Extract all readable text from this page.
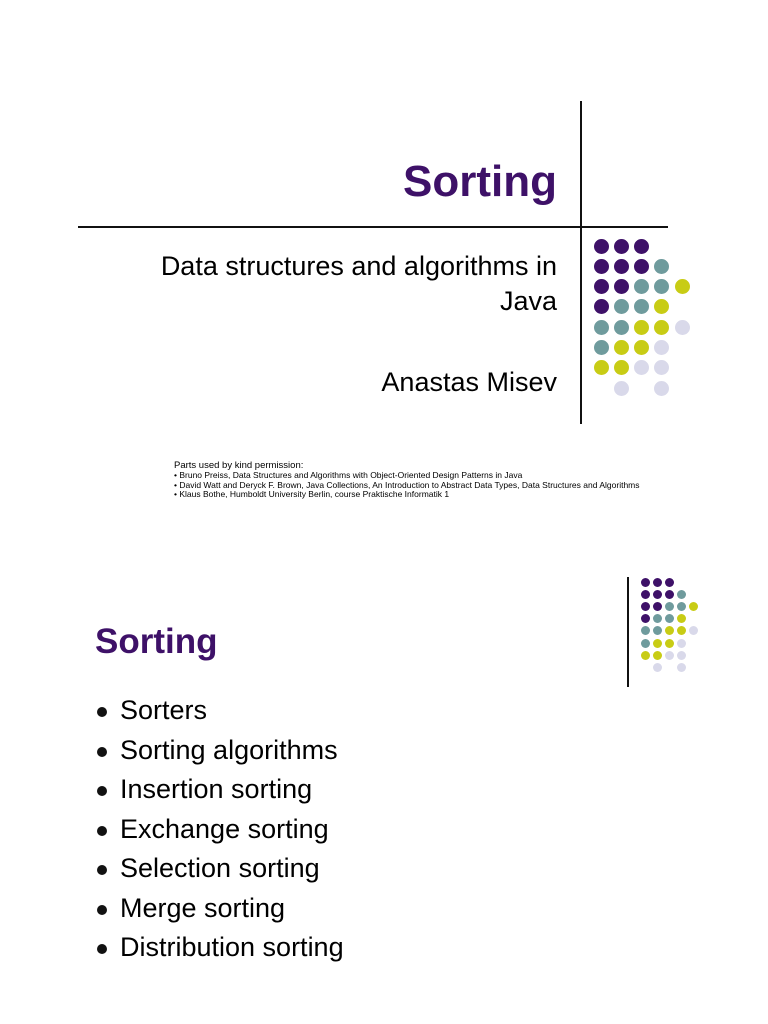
Sorting
Data structures and algorithms in
Java
Anastas Misev
Parts used by kind permission:
• Bruno Preiss, Data Structures and Algorithms with Object-Oriented Design Patterns in Java
• David Watt and Deryck F. Brown, Java Collections, An Introduction to Abstract Data Types, Data Structures and Algorithms
• Klaus Bothe, Humboldt University Berlin, course Praktische Informatik 1
Sorting
Sorters
Sorting algorithms
Insertion sorting
Exchange sorting
Selection sorting
Merge sorting
Distribution sorting
